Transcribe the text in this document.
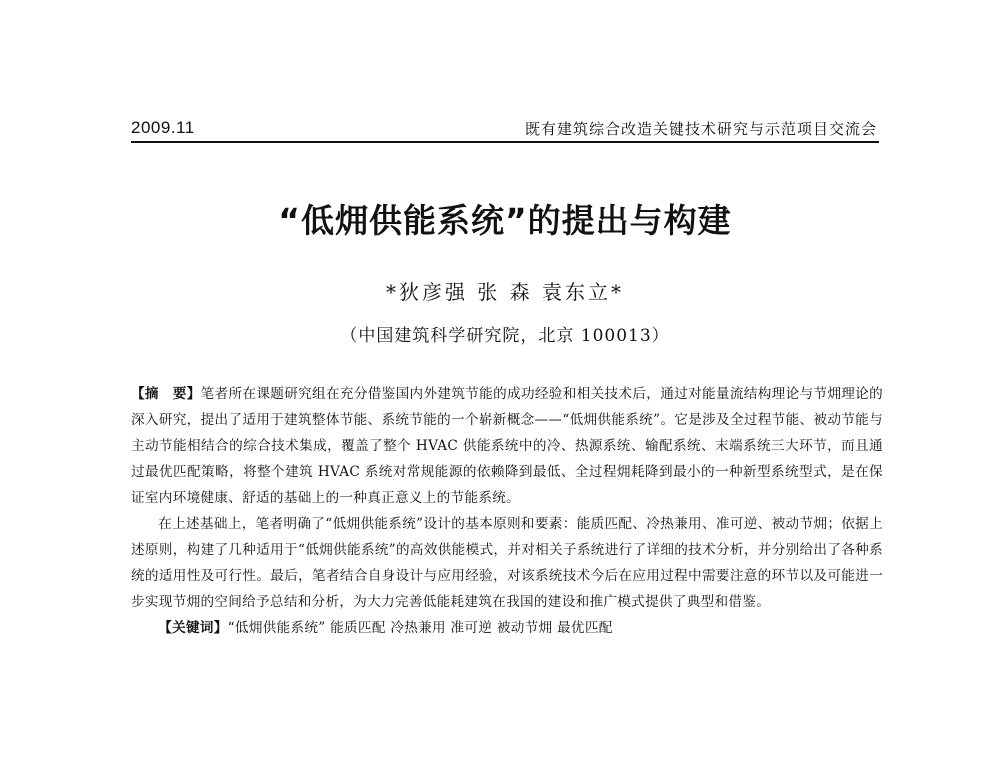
2009.11	既有建筑综合改造关键技术研究与示范项目交流会
“低㶲供能系统”的提出与构建
*狄彦强 张 森 袁东立*
（中国建筑科学研究院，北京 100013）

【摘　要】笔者所在课题研究组在充分借鉴国内外建筑节能的成功经验和相关技术后，通过对能量流结构理论与节㶲理论的深入研究，提出了适用于建筑整体节能、系统节能的一个崭新概念——“低㶲供能系统”。它是涉及全过程节能、被动节能与主动节能相结合的综合技术集成，覆盖了整个 HVAC 供能系统中的冷、热源系统、输配系统、末端系统三大环节，而且通过最优匹配策略，将整个建筑 HVAC 系统对常规能源的依赖降到最低、全过程㶲耗降到最小的一种新型系统型式，是在保证室内环境健康、舒适的基础上的一种真正意义上的节能系统。

在上述基础上，笔者明确了“低㶲供能系统”设计的基本原则和要素：能质匹配、冷热兼用、准可逆、被动节㶲；依据上述原则，构建了几种适用于“低㶲供能系统”的高效供能模式，并对相关子系统进行了详细的技术分析，并分别给出了各种系统的适用性及可行性。最后，笔者结合自身设计与应用经验，对该系统技术今后在应用过程中需要注意的环节以及可能进一步实现节㶲的空间给予总结和分析，为大力完善低能耗建筑在我国的建设和推广模式提供了典型和借鉴。

【关键词】“低㶲供能系统” 能质匹配 冷热兼用 准可逆 被动节㶲 最优匹配
